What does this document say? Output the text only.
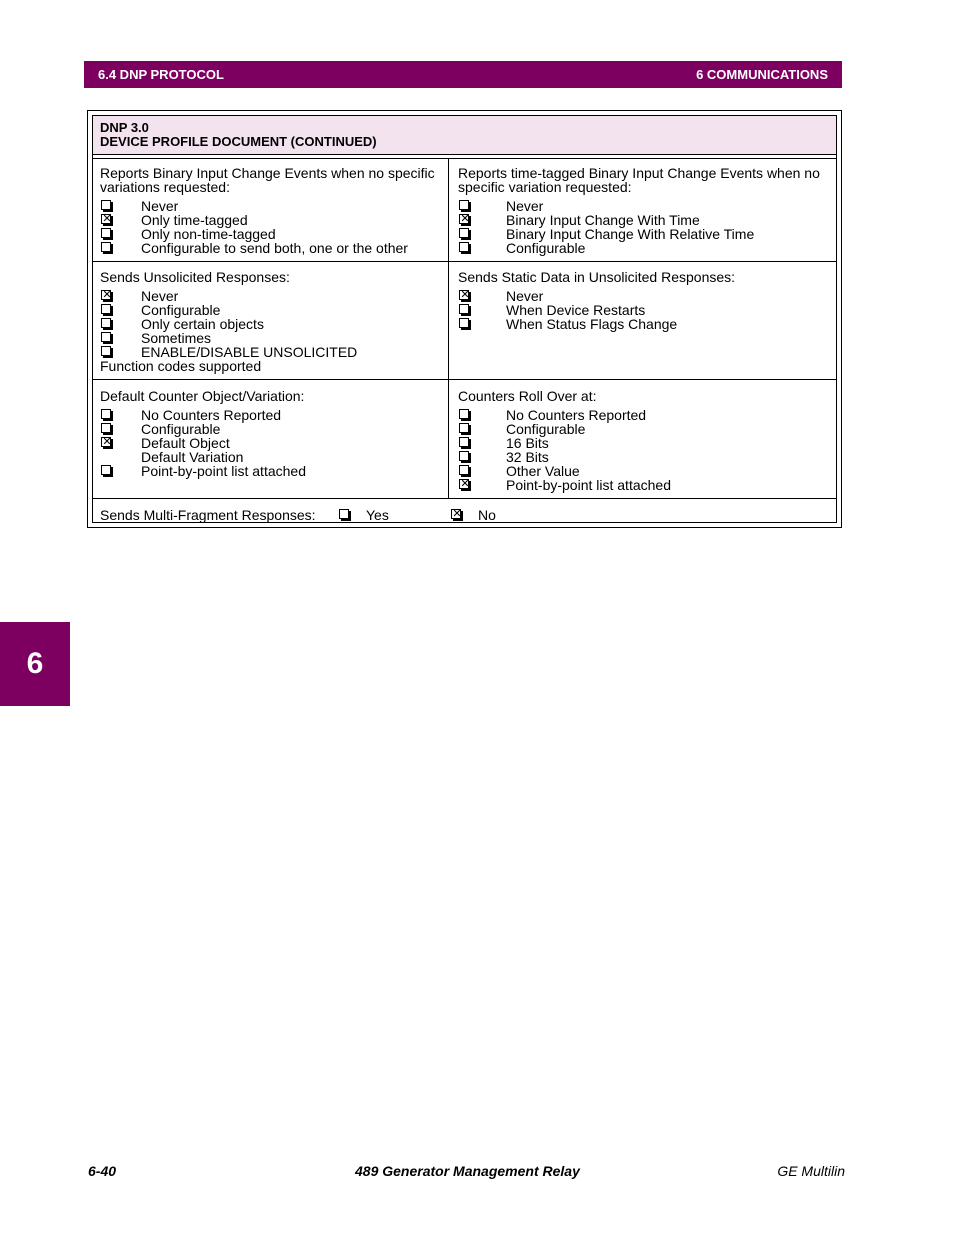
6.4 DNP PROTOCOL	6 COMMUNICATIONS
6
DNP 3.0
DEVICE PROFILE DOCUMENT (CONTINUED)
Reports Binary Input Change Events when no specific
variations requested:
Never
✕
Only time-tagged
Only non-time-tagged
Configurable to send both, one or the other
Reports time-tagged Binary Input Change Events when no
specific variation requested:
Never
✕
Binary Input Change With Time
Binary Input Change With Relative Time
Configurable
Sends Unsolicited Responses:
✕
Never
Configurable
Only certain objects
Sometimes
ENABLE/DISABLE UNSOLICITED
Function codes supported
Sends Static Data in Unsolicited Responses:
✕
Never
When Device Restarts
When Status Flags Change
Default Counter Object/Variation:
No Counters Reported
Configurable
✕
Default Object
Default Variation
Point-by-point list attached
Counters Roll Over at:
No Counters Reported
Configurable
16 Bits
32 Bits
Other Value
✕
Point-by-point list attached
Sends Multi-Fragment Responses:	Yes
✕	No
6-40	489 Generator Management Relay	GE Multilin
